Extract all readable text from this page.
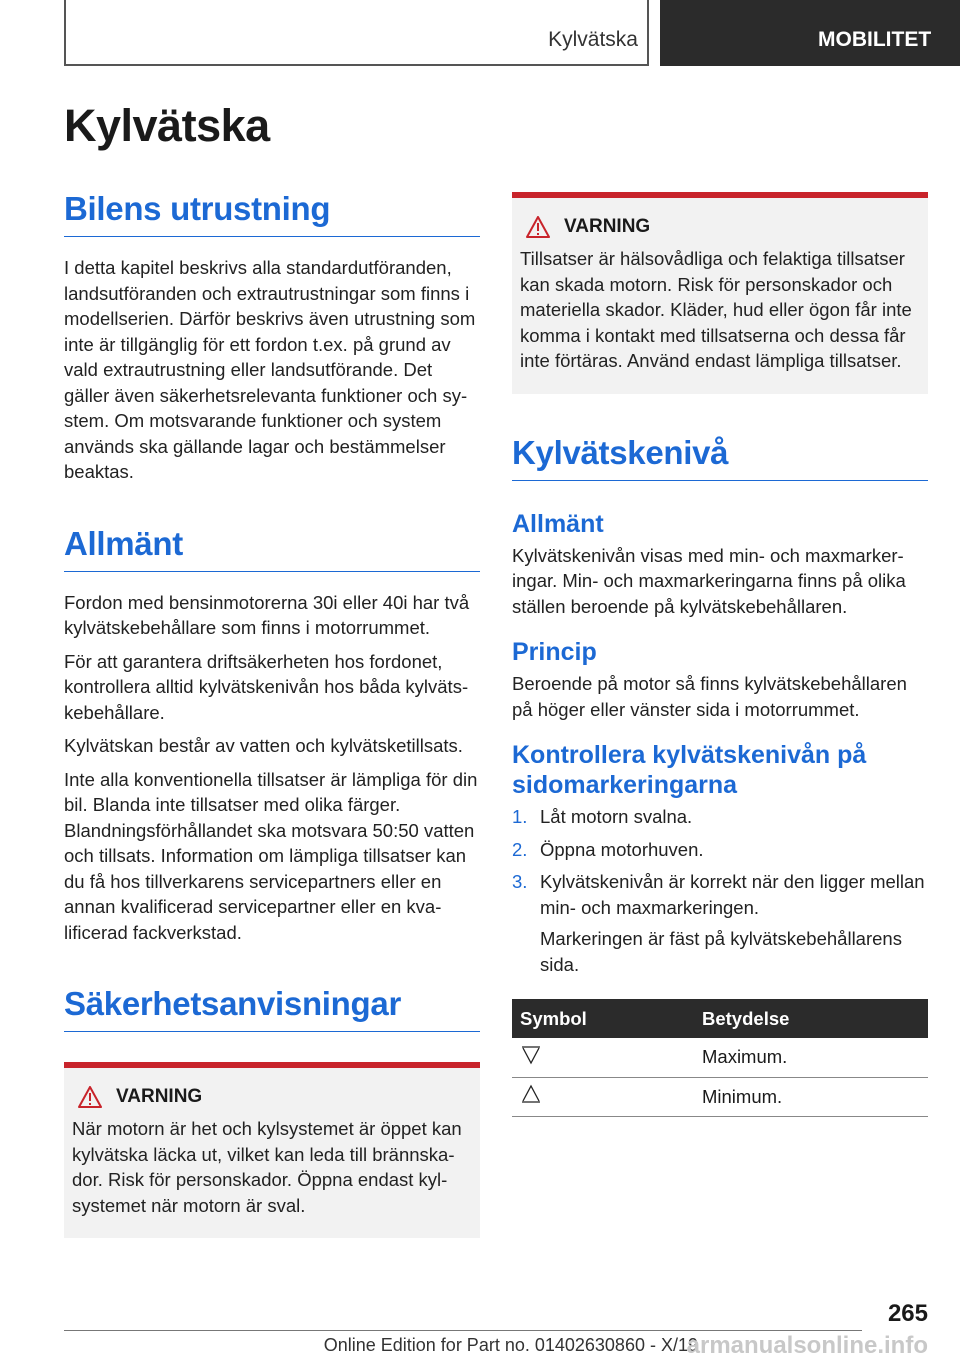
Kylvätska	MOBILITET
Kylvätska
Bilens utrustning

I detta kapitel beskrivs alla standardutföranden, landsutföranden och extrautrustningar som finns i modellserien. Därför beskrivs även utrustning som inte är tillgänglig för ett fordon t.ex. på grund av vald extrautrustning eller landsutförande. Det gäller även säkerhetsrelevanta funktioner och system. Om motsvarande funktioner och system används ska gällande lagar och bestämmelser beaktas.

Allmänt

Fordon med bensinmotorerna 30i eller 40i har två kylvätskebehållare som finns i motorrummet.

För att garantera driftsäkerheten hos fordonet, kontrollera alltid kylvätskenivån hos båda kylvätskebehållare.

Kylvätskan består av vatten och kylvätsketillsats.

Inte alla konventionella tillsatser är lämpliga för din bil. Blanda inte tillsatser med olika färger. Blandningsförhållandet ska motsvara 50:50 vatten och tillsats. Information om lämpliga tillsatser kan du få hos tillverkarens servicepartners eller en annan kvalificerad servicepartner eller en kvalificerad fackverkstad.

Säkerhetsanvisningar
VARNING

När motorn är het och kylsystemet är öppet kan kylvätska läcka ut, vilket kan leda till brännskador. Risk för personskador. Öppna endast kylsystemet när motorn är sval.

VARNING

Tillsatser är hälsovådliga och felaktiga tillsatser kan skada motorn. Risk för personskador och materiella skador. Kläder, hud eller ögon får inte komma i kontakt med tillsatserna och dessa får inte förtäras. Använd endast lämpliga tillsatser.

Kylvätskenivå
Allmänt

Kylvätskenivån visas med min- och maxmarkeringar. Min- och maxmarkeringarna finns på olika ställen beroende på kylvätskebehållaren.

Princip

Beroende på motor så finns kylvätskebehållaren på höger eller vänster sida i motorrummet.

Kontrollera kylvätskenivån på sidomarkeringarna
1. Låt motorn svalna.
2. Öppna motorhuven.
3. Kylvätskenivån är korrekt när den ligger mellan min- och maxmarkeringen.

Markeringen är fäst på kylvätskebehållarens sida.

Symbol	Betydelse
	Maximum.
	Minimum.
265
Online Edition for Part no. 01402630860 - X/19
armanualsonline.info
